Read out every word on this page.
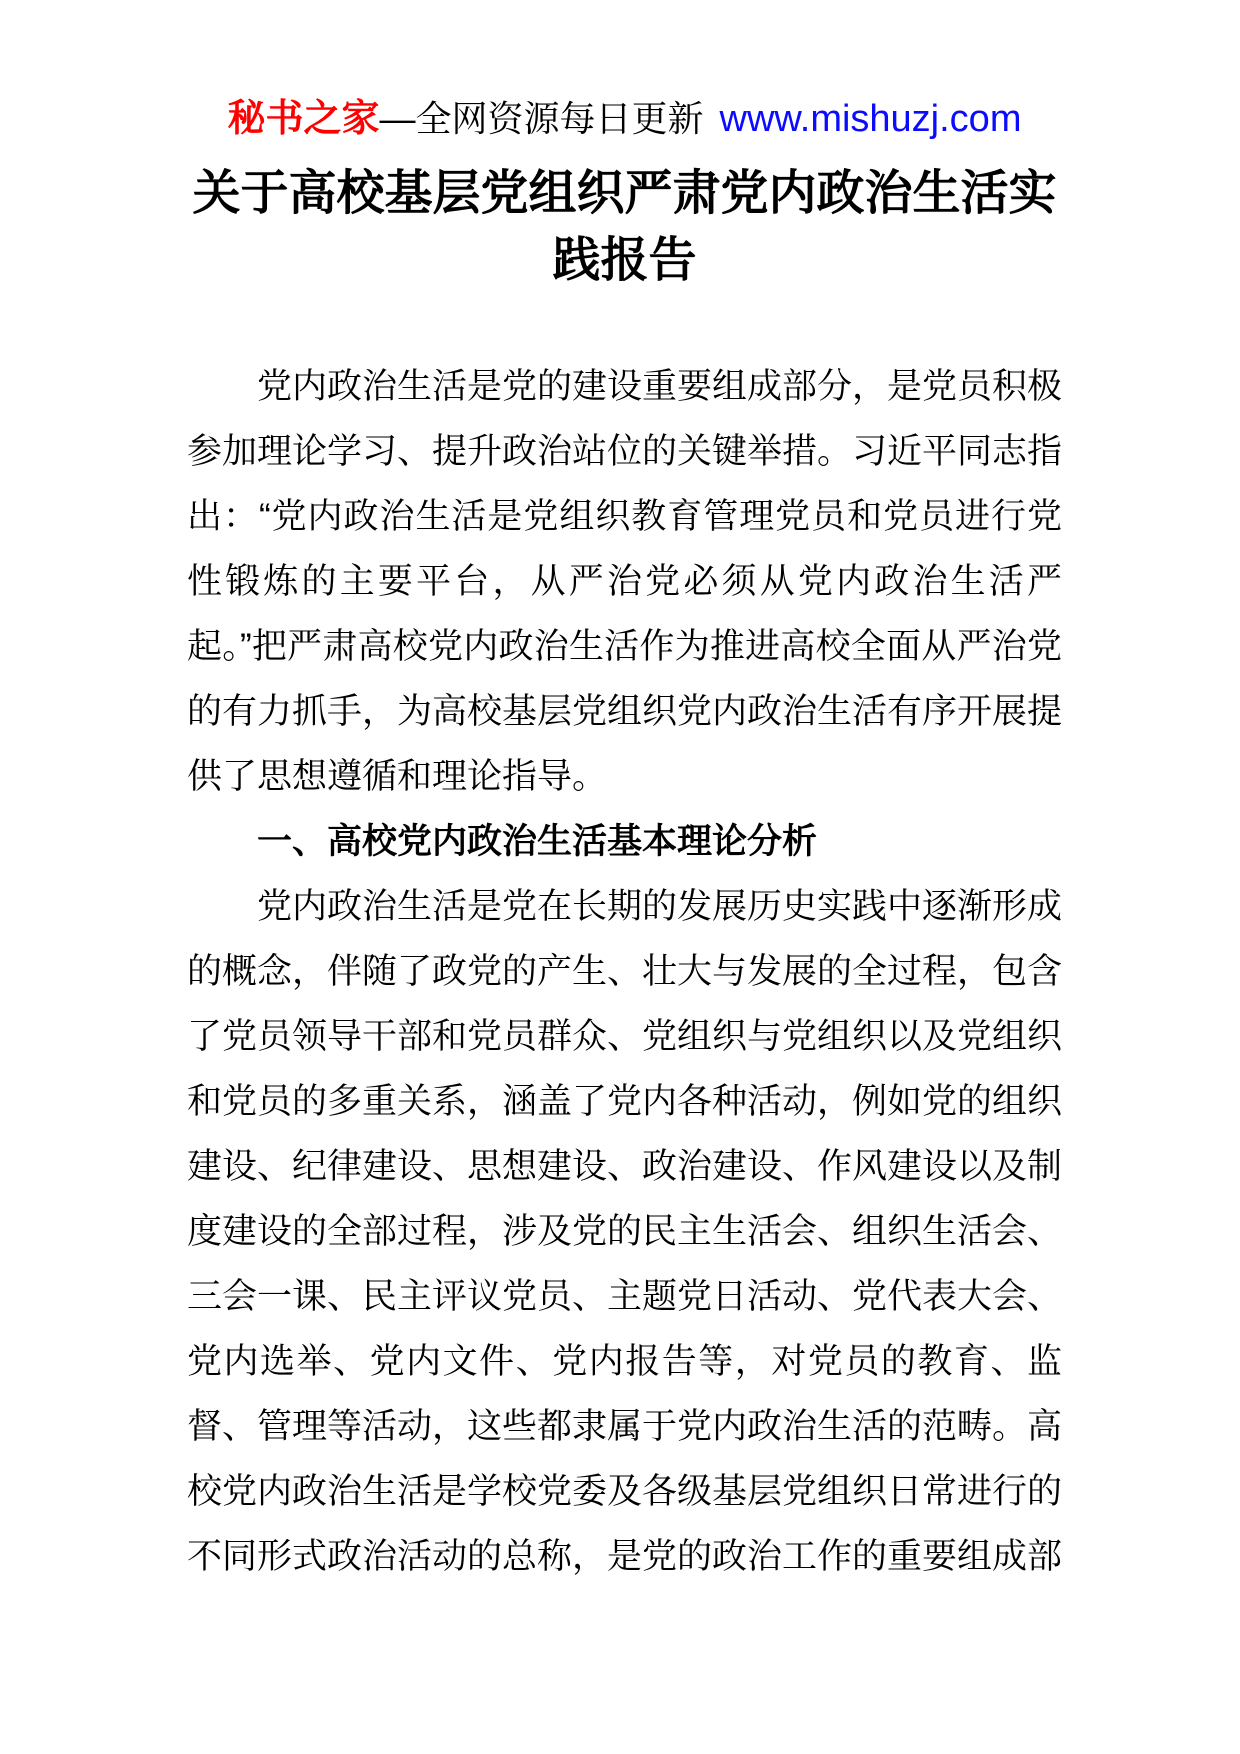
秘书之家—全网资源每日更新 www.mishuzj.com
关于高校基层党组织严肃党内政治生活实践报告

党内政治生活是党的建设重要组成部分，是党员积极参加理论学习、提升政治站位的关键举措。习近平同志指出：“党内政治生活是党组织教育管理党员和党员进行党性锻炼的主要平台，从严治党必须从党内政治生活严起。”把严肃高校党内政治生活作为推进高校全面从严治党的有力抓手，为高校基层党组织党内政治生活有序开展提供了思想遵循和理论指导。

一、高校党内政治生活基本理论分析

党内政治生活是党在长期的发展历史实践中逐渐形成的概念，伴随了政党的产生、壮大与发展的全过程，包含了党员领导干部和党员群众、党组织与党组织以及党组织和党员的多重关系，涵盖了党内各种活动，例如党的组织建设、纪律建设、思想建设、政治建设、作风建设以及制度建设的全部过程，涉及党的民主生活会、组织生活会、三会一课、民主评议党员、主题党日活动、党代表大会、党内选举、党内文件、党内报告等，对党员的教育、监督、管理等活动，这些都隶属于党内政治生活的范畴。高校党内政治生活是学校党委及各级基层党组织日常进行的不同形式政治活动的总称，是党的政治工作的重要组成部
